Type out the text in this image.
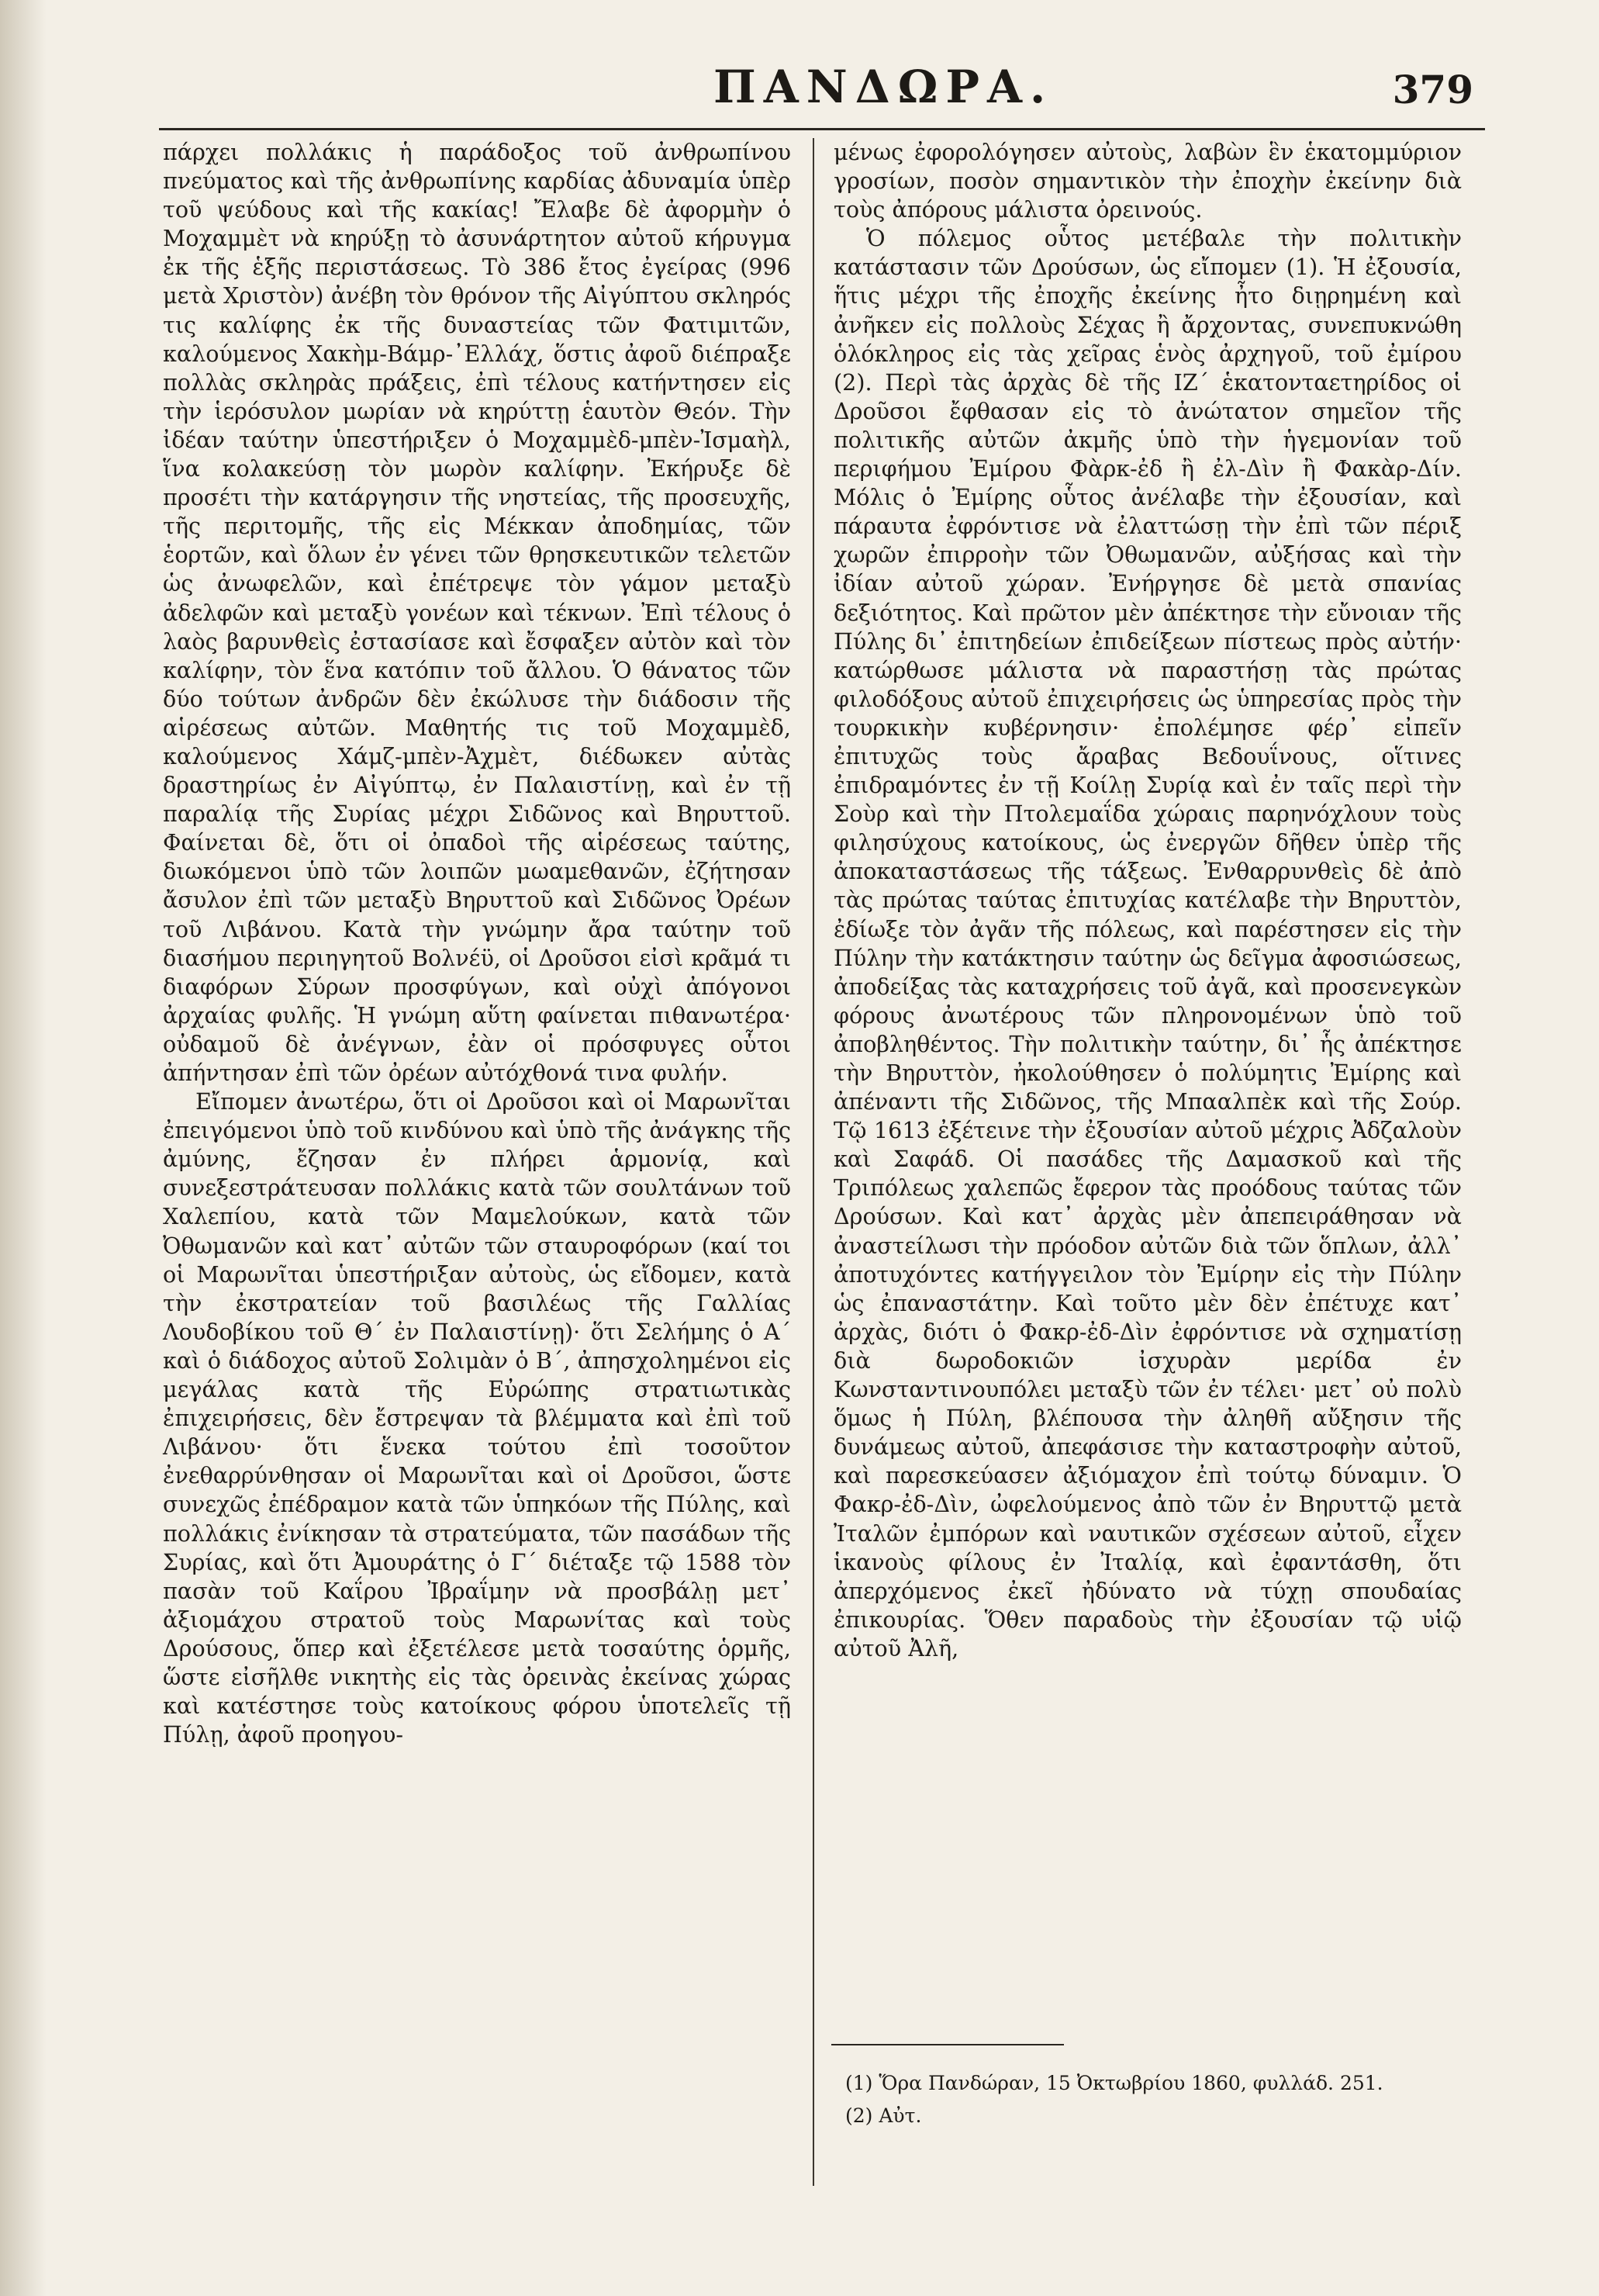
ΠΑΝΔΩΡΑ.	379

πάρχει πολλάκις ἡ παράδοξος τοῦ ἀνθρωπίνου πνεύματος καὶ τῆς ἀνθρωπίνης καρδίας ἀδυναμία ὑπὲρ τοῦ ψεύδους καὶ τῆς κακίας! Ἔλαβε δὲ ἀφορμὴν ὁ Μοχαμμὲτ νὰ κηρύξῃ τὸ ἀσυνάρτητον αὐτοῦ κήρυγμα ἐκ τῆς ἑξῆς περιστάσεως. Τὸ 386 ἔτος ἐγείρας (996 μετὰ Χριστὸν) ἀνέβη τὸν θρόνον τῆς Αἰγύπτου σκληρός τις καλίφης ἐκ τῆς δυναστείας τῶν Φατιμιτῶν, καλούμενος Χακὴμ-Βάμρ-᾽Ελλάχ, ὅστις ἀφοῦ διέπραξε πολλὰς σκληρὰς πράξεις, ἐπὶ τέλους κατήντησεν εἰς τὴν ἱερόσυλον μωρίαν νὰ κηρύττῃ ἑαυτὸν Θεόν. Τὴν ἰδέαν ταύτην ὑπεστήριξεν ὁ Μοχαμμὲδ-μπὲν-Ἰσμαὴλ, ἵνα κολακεύσῃ τὸν μωρὸν καλίφην. Ἐκήρυξε δὲ προσέτι τὴν κατάργησιν τῆς νηστείας, τῆς προσευχῆς, τῆς περιτομῆς, τῆς εἰς Μέκκαν ἀποδημίας, τῶν ἑορτῶν, καὶ ὅλων ἐν γένει τῶν θρησκευτικῶν τελετῶν ὡς ἀνωφελῶν, καὶ ἐπέτρεψε τὸν γάμον μεταξὺ ἀδελφῶν καὶ μεταξὺ γονέων καὶ τέκνων. Ἐπὶ τέλους ὁ λαὸς βαρυνθεὶς ἐστασίασε καὶ ἔσφαξεν αὐτὸν καὶ τὸν καλίφην, τὸν ἕνα κατόπιν τοῦ ἄλλου. Ὁ θάνατος τῶν δύο τούτων ἀνδρῶν δὲν ἐκώλυσε τὴν διάδοσιν τῆς αἱρέσεως αὐτῶν. Μαθητής τις τοῦ Μοχαμμὲδ, καλούμενος Χάμζ-μπὲν-Ἀχμὲτ, διέδωκεν αὐτὰς δραστηρίως ἐν Αἰγύπτῳ, ἐν Παλαιστίνῃ, καὶ ἐν τῇ παραλίᾳ τῆς Συρίας μέχρι Σιδῶνος καὶ Βηρυττοῦ. Φαίνεται δὲ, ὅτι οἱ ὀπαδοὶ τῆς αἱρέσεως ταύτης, διωκόμενοι ὑπὸ τῶν λοιπῶν μωαμεθανῶν, ἐζήτησαν ἄσυλον ἐπὶ τῶν μεταξὺ Βηρυττοῦ καὶ Σιδῶνος Ὀρέων τοῦ Λιβάνου. Κατὰ τὴν γνώμην ἄρα ταύτην τοῦ διασήμου περιηγητοῦ Βολνέϋ, οἱ Δροῦσοι εἰσὶ κρᾶμά τι διαφόρων Σύρων προσφύγων, καὶ οὐχὶ ἀπόγονοι ἀρχαίας φυλῆς. Ἡ γνώμη αὕτη φαίνεται πιθανωτέρα· οὐδαμοῦ δὲ ἀνέγνων, ἐὰν οἱ πρόσφυγες οὗτοι ἀπήντησαν ἐπὶ τῶν ὀρέων αὐτόχθονά τινα φυλήν.

Εἴπομεν ἀνωτέρω, ὅτι οἱ Δροῦσοι καὶ οἱ Μαρωνῖται ἐπειγόμενοι ὑπὸ τοῦ κινδύνου καὶ ὑπὸ τῆς ἀνάγκης τῆς ἀμύνης, ἔζησαν ἐν πλήρει ἁρμονίᾳ, καὶ συνεξεστράτευσαν πολλάκις κατὰ τῶν σουλτάνων τοῦ Χαλεπίου, κατὰ τῶν Μαμελούκων, κατὰ τῶν Ὀθωμανῶν καὶ κατ᾽ αὐτῶν τῶν σταυροφόρων (καί τοι οἱ Μαρωνῖται ὑπεστήριξαν αὐτοὺς, ὡς εἴδομεν, κατὰ τὴν ἐκστρατείαν τοῦ βασιλέως τῆς Γαλλίας Λουδοβίκου τοῦ Θ´ ἐν Παλαιστίνῃ)· ὅτι Σελήμης ὁ Α´ καὶ ὁ διάδοχος αὐτοῦ Σολιμὰν ὁ Β´, ἀπησχολημένοι εἰς μεγάλας κατὰ τῆς Εὐρώπης στρατιωτικὰς ἐπιχειρήσεις, δὲν ἔστρεψαν τὰ βλέμματα καὶ ἐπὶ τοῦ Λιβάνου· ὅτι ἕνεκα τούτου ἐπὶ τοσοῦτον ἐνεθαρρύνθησαν οἱ Μαρωνῖται καὶ οἱ Δροῦσοι, ὥστε συνεχῶς ἐπέδραμον κατὰ τῶν ὑπηκόων τῆς Πύλης, καὶ πολλάκις ἐνίκησαν τὰ στρατεύματα, τῶν πασάδων τῆς Συρίας, καὶ ὅτι Ἀμουράτης ὁ Γ´ διέταξε τῷ 1588 τὸν πασὰν τοῦ Καΐρου Ἰβραΐμην νὰ προσβάλῃ μετ᾽ ἀξιομάχου στρατοῦ τοὺς Μαρωνίτας καὶ τοὺς Δρούσους, ὅπερ καὶ ἐξετέλεσε μετὰ τοσαύτης ὁρμῆς, ὥστε εἰσῆλθε νικητὴς εἰς τὰς ὀρεινὰς ἐκείνας χώρας καὶ κατέστησε τοὺς κατοίκους φόρου ὑποτελεῖς τῇ Πύλῃ, ἀφοῦ προηγου-

μένως ἐφορολόγησεν αὐτοὺς, λαβὼν ἓν ἑκατομμύριον γροσίων, ποσὸν σημαντικὸν τὴν ἐποχὴν ἐκείνην διὰ τοὺς ἀπόρους μάλιστα ὀρεινούς.

Ὁ πόλεμος οὗτος μετέβαλε τὴν πολιτικὴν κατάστασιν τῶν Δρούσων, ὡς εἴπομεν (1). Ἡ ἐξουσία, ἥτις μέχρι τῆς ἐποχῆς ἐκείνης ἦτο διῃρημένη καὶ ἀνῆκεν εἰς πολλοὺς Σέχας ἢ ἄρχοντας, συνεπυκνώθη ὁλόκληρος εἰς τὰς χεῖρας ἑνὸς ἀρχηγοῦ, τοῦ ἐμίρου (2). Περὶ τὰς ἀρχὰς δὲ τῆς ΙΖ´ ἑκατονταετηρίδος οἱ Δροῦσοι ἔφθασαν εἰς τὸ ἀνώτατον σημεῖον τῆς πολιτικῆς αὐτῶν ἀκμῆς ὑπὸ τὴν ἡγεμονίαν τοῦ περιφήμου Ἐμίρου Φὰρκ-ἐδ ἢ ἐλ-Δὶν ἢ Φακὰρ-Δίν. Μόλις ὁ Ἐμίρης οὗτος ἀνέλαβε τὴν ἐξουσίαν, καὶ πάραυτα ἐφρόντισε νὰ ἐλαττώσῃ τὴν ἐπὶ τῶν πέριξ χωρῶν ἐπιρροὴν τῶν Ὀθωμανῶν, αὐξήσας καὶ τὴν ἰδίαν αὐτοῦ χώραν. Ἐνήργησε δὲ μετὰ σπανίας δεξιότητος. Καὶ πρῶτον μὲν ἀπέκτησε τὴν εὔνοιαν τῆς Πύλης δι᾽ ἐπιτηδείων ἐπιδείξεων πίστεως πρὸς αὐτήν· κατώρθωσε μάλιστα νὰ παραστήσῃ τὰς πρώτας φιλοδόξους αὐτοῦ ἐπιχειρήσεις ὡς ὑπηρεσίας πρὸς τὴν τουρκικὴν κυβέρνησιν· ἐπολέμησε φέρ᾽ εἰπεῖν ἐπιτυχῶς τοὺς ἄραβας Βεδουΐνους, οἵτινες ἐπιδραμόντες ἐν τῇ Κοίλῃ Συρίᾳ καὶ ἐν ταῖς περὶ τὴν Σοὺρ καὶ τὴν Πτολεμαΐδα χώραις παρηνόχλουν τοὺς φιλησύχους κατοίκους, ὡς ἐνεργῶν δῆθεν ὑπὲρ τῆς ἀποκαταστάσεως τῆς τάξεως. Ἐνθαρρυνθεὶς δὲ ἀπὸ τὰς πρώτας ταύτας ἐπιτυχίας κατέλαβε τὴν Βηρυττὸν, ἐδίωξε τὸν ἀγᾶν τῆς πόλεως, καὶ παρέστησεν εἰς τὴν Πύλην τὴν κατάκτησιν ταύτην ὡς δεῖγμα ἀφοσιώσεως, ἀποδείξας τὰς καταχρήσεις τοῦ ἀγᾶ, καὶ προσενεγκὼν φόρους ἀνωτέρους τῶν πληρονομένων ὑπὸ τοῦ ἀποβληθέντος. Τὴν πολιτικὴν ταύτην, δι᾽ ἧς ἀπέκτησε τὴν Βηρυττὸν, ἠκολούθησεν ὁ πολύμητις Ἐμίρης καὶ ἀπέναντι τῆς Σιδῶνος, τῆς Μπααλπὲκ καὶ τῆς Σούρ. Τῷ 1613 ἐξέτεινε τὴν ἐξουσίαν αὐτοῦ μέχρις Ἀδζαλοὺν καὶ Σαφάδ. Οἱ πασάδες τῆς Δαμασκοῦ καὶ τῆς Τριπόλεως χαλεπῶς ἔφερον τὰς προόδους ταύτας τῶν Δρούσων. Καὶ κατ᾽ ἀρχὰς μὲν ἀπεπειράθησαν νὰ ἀναστείλωσι τὴν πρόοδον αὐτῶν διὰ τῶν ὅπλων, ἀλλ᾽ ἀποτυχόντες κατήγγειλον τὸν Ἐμίρην εἰς τὴν Πύλην ὡς ἐπαναστάτην. Καὶ τοῦτο μὲν δὲν ἐπέτυχε κατ᾽ ἀρχὰς, διότι ὁ Φακρ-ἐδ-Δὶν ἐφρόντισε νὰ σχηματίσῃ διὰ δωροδοκιῶν ἰσχυρὰν μερίδα ἐν Κωνσταντινουπόλει μεταξὺ τῶν ἐν τέλει· μετ᾽ οὐ πολὺ ὅμως ἡ Πύλη, βλέπουσα τὴν ἀληθῆ αὔξησιν τῆς δυνάμεως αὐτοῦ, ἀπεφάσισε τὴν καταστροφὴν αὐτοῦ, καὶ παρεσκεύασεν ἀξιόμαχον ἐπὶ τούτῳ δύναμιν. Ὁ Φακρ-ἐδ-Δὶν, ὠφελούμενος ἀπὸ τῶν ἐν Βηρυττῷ μετὰ Ἰταλῶν ἐμπόρων καὶ ναυτικῶν σχέσεων αὐτοῦ, εἶχεν ἱκανοὺς φίλους ἐν Ἰταλίᾳ, καὶ ἐφαντάσθη, ὅτι ἀπερχόμενος ἐκεῖ ἠδύνατο νὰ τύχῃ σπουδαίας ἐπικουρίας. Ὅθεν παραδοὺς τὴν ἐξουσίαν τῷ υἱῷ αὐτοῦ Ἀλῆ,

(1) Ὅρα Πανδώραν, 15 Ὀκτωβρίου 1860, φυλλάδ. 251.
(2) Αὐτ.
